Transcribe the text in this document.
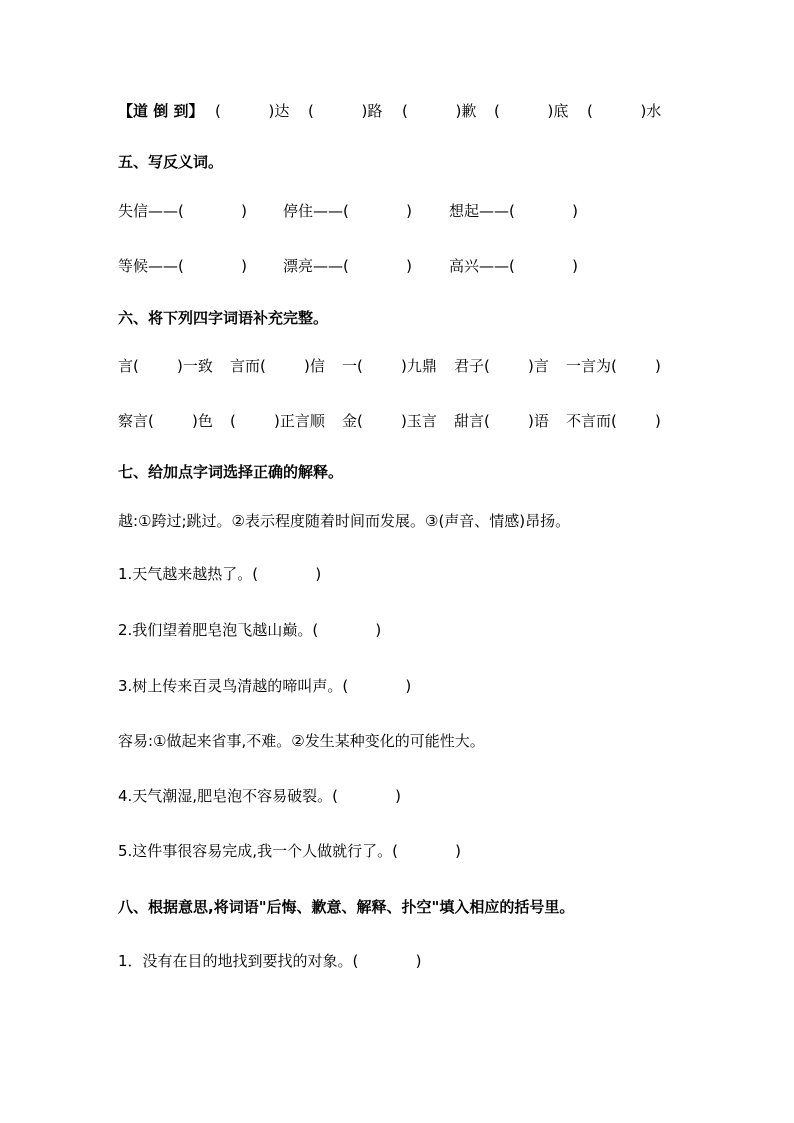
【道 倒 到】 (          )达 (          )路 (          )歉 (          )底 (          )水
五、写反义词。
失信——(            ) 停住——(            ) 想起——(            )
等候——(            ) 漂亮——(            ) 高兴——(            )
六、将下列四字词语补充完整。
言(        )一致 言而(        )信 一(        )九鼎 君子(        )言 一言为(        )
察言(        )色 (        )正言顺 金(        )玉言 甜言(        )语 不言而(        )
七、给加点字词选择正确的解释。
越:①跨过;跳过。②表示程度随着时间而发展。③(声音、情感)昂扬。
1.天气越来越热了。(            )
2.我们望着肥皂泡飞越山巅。(            )
3.树上传来百灵鸟清越的啼叫声。(            )
容易:①做起来省事,不难。②发生某种变化的可能性大。
4.天气潮湿,肥皂泡不容易破裂。(            )
5.这件事很容易完成,我一个人做就行了。(            )
八、根据意思,将词语"后悔、歉意、解释、扑空"填入相应的括号里。
1．没有在目的地找到要找的对象。(            )
